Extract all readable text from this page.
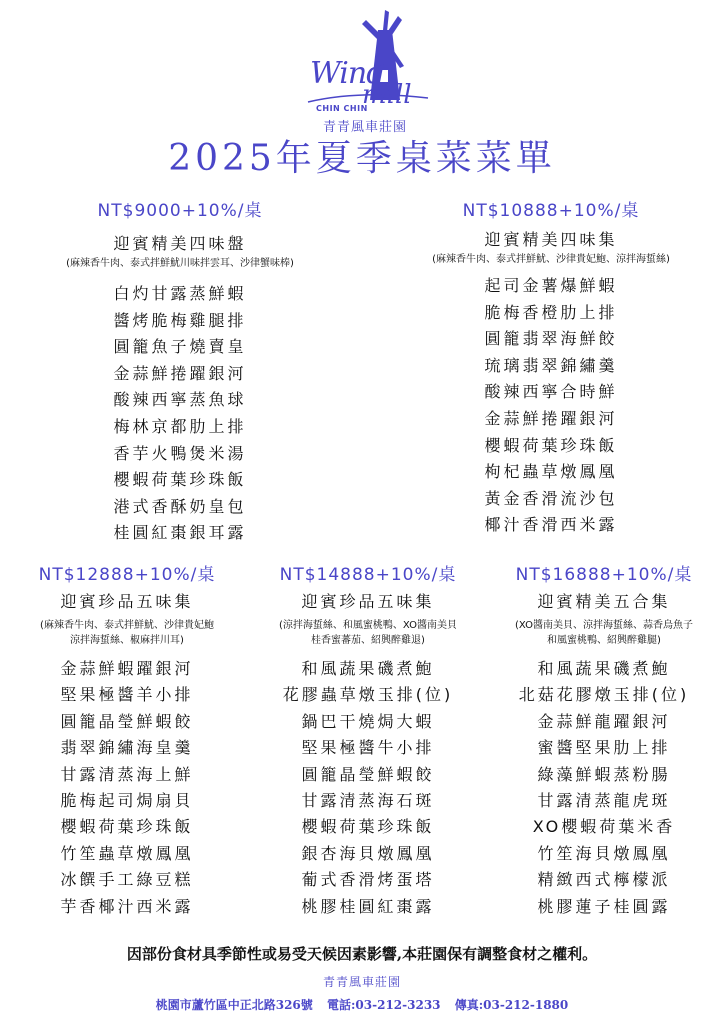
Wind
mill
CHIN CHIN
青青風車莊園
2025年夏季桌菜菜單
NT$9000+10%/桌
迎賓精美四味盤
(麻辣香牛肉、泰式拌鮮魷川味拌雲耳、沙律蟹味棒)
白灼甘露蒸鮮蝦
醬烤脆梅雞腿排
圓籠魚子燒賣皇
金蒜鮮捲躍銀河
酸辣西寧蒸魚球
梅林京都肋上排
香芋火鴨煲米湯
櫻蝦荷葉珍珠飯
港式香酥奶皇包
桂圓紅棗銀耳露
NT$10888+10%/桌
迎賓精美四味集
(麻辣香牛肉、泰式拌鮮魷、沙律貴妃鮑、涼拌海蜇絲)
起司金薯爆鮮蝦
脆梅香橙肋上排
圓籠翡翠海鮮餃
琉璃翡翠錦繡羹
酸辣西寧合時鮮
金蒜鮮捲躍銀河
櫻蝦荷葉珍珠飯
枸杞蟲草燉鳳凰
黃金香滑流沙包
椰汁香滑西米露
NT$12888+10%/桌
迎賓珍品五味集
(麻辣香牛肉、泰式拌鮮魷、沙律貴妃鮑
涼拌海蜇絲、椒麻拌川耳)
金蒜鮮蝦躍銀河
堅果極醬羊小排
圓籠晶瑩鮮蝦餃
翡翠錦繡海皇羹
甘露清蒸海上鮮
脆梅起司焗扇貝
櫻蝦荷葉珍珠飯
竹笙蟲草燉鳳凰
冰饌手工綠豆糕
芋香椰汁西米露
NT$14888+10%/桌
迎賓珍品五味集
(涼拌海蜇絲、和風蜜桃鴨、XO醬南美貝
桂香蜜蕃茄、紹興醉雞退)
和風蔬果磯煮鮑
花膠蟲草燉玉排(位)
鍋巴干燒焗大蝦
堅果極醬牛小排
圓籠晶瑩鮮蝦餃
甘露清蒸海石斑
櫻蝦荷葉珍珠飯
銀杏海貝燉鳳凰
葡式香滑烤蛋塔
桃膠桂圓紅棗露
NT$16888+10%/桌
迎賓精美五合集
(XO醬南美貝、涼拌海蜇絲、蒜香烏魚子
和風蜜桃鴨、紹興醉雞腿)
和風蔬果磯煮鮑
北菇花膠燉玉排(位)
金蒜鮮龍躍銀河
蜜醬堅果肋上排
綠藻鮮蝦蒸粉腸
甘露清蒸龍虎斑
XO櫻蝦荷葉米香
竹笙海貝燉鳳凰
精緻西式檸檬派
桃膠蓮子桂圓露
因部份食材具季節性或易受天候因素影響,本莊園保有調整食材之權利。
青青風車莊園
桃園市蘆竹區中正北路326號 電話:03-212-3233 傳真:03-212-1880
